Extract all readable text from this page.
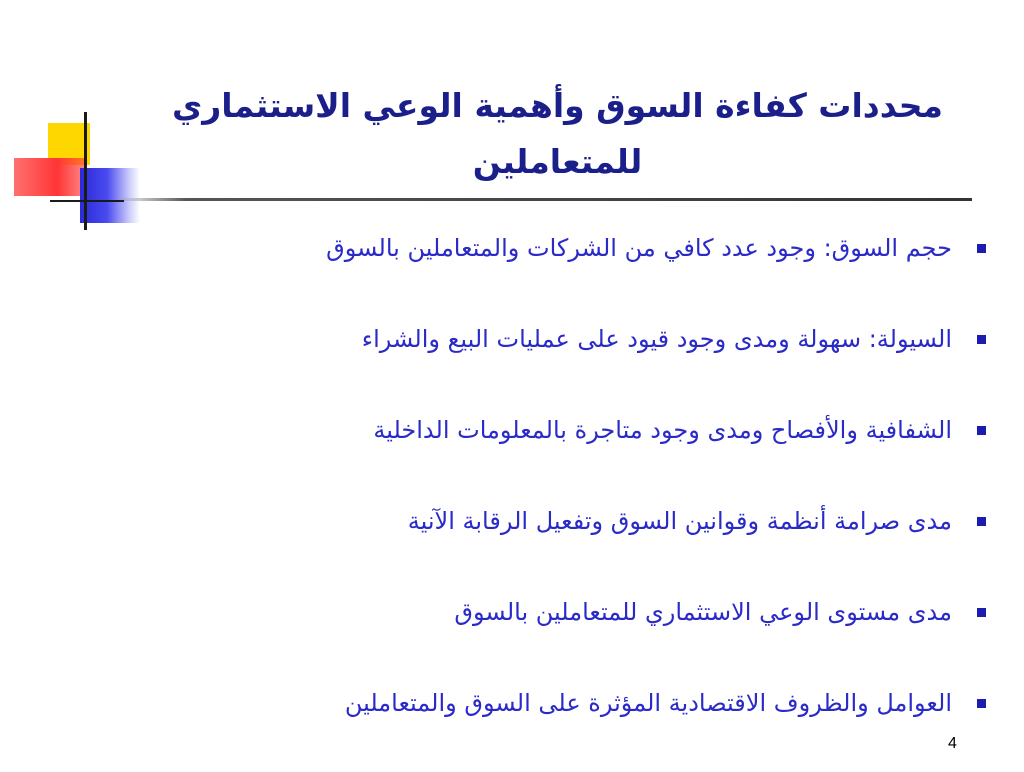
محددات كفاءة السوق وأهمية الوعي الاستثماري للمتعاملين
حجم السوق: وجود عدد كافي من الشركات والمتعاملين بالسوق
السيولة: سهولة ومدى وجود قيود على عمليات البيع والشراء
الشفافية والأفصاح ومدى وجود متاجرة بالمعلومات الداخلية
مدى صرامة أنظمة وقوانين السوق وتفعيل الرقابة الآنية
مدى مستوى الوعي الاستثماري للمتعاملين بالسوق
العوامل والظروف الاقتصادية المؤثرة على السوق والمتعاملين
4
